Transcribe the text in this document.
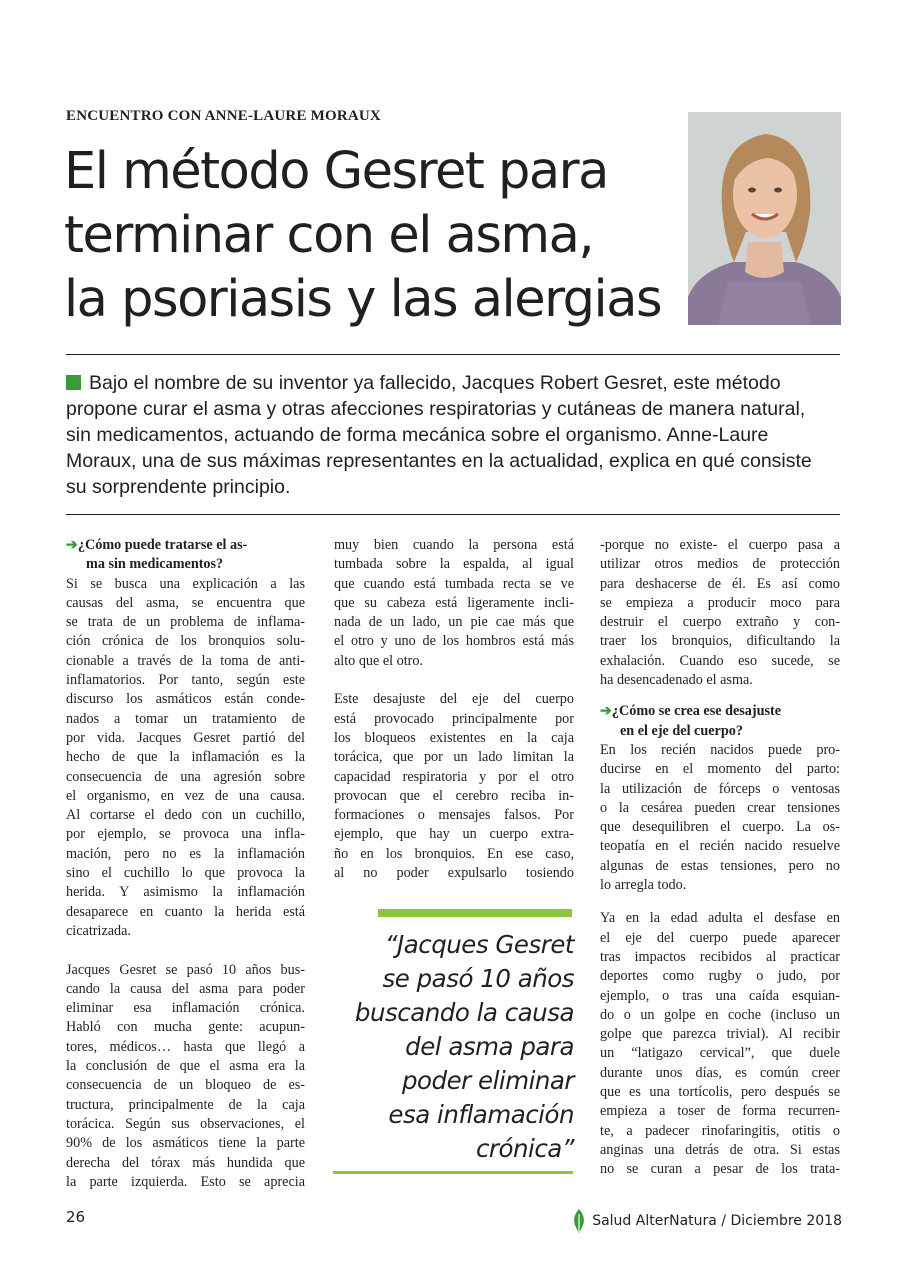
ENCUENTRO CON ANNE-LAURE MORAUX
El método Gesret para
terminar con el asma,
la psoriasis y las alergias
Bajo el nombre de su inventor ya fallecido, Jacques Robert Gesret, este método
propone curar el asma y otras afecciones respiratorias y cutáneas de manera natural,
sin medicamentos, actuando de forma mecánica sobre el organismo. Anne-Laure
Moraux, una de sus máximas representantes en la actualidad, explica en qué consiste
su sorprendente principio.
➔¿Cómo puede tratarse el as-
ma sin medicamentos?
Si se busca una explicación a las
causas del asma, se encuentra que
se trata de un problema de inflama-
ción crónica de los bronquios solu-
cionable a través de la toma de anti-
inflamatorios. Por tanto, según este
discurso los asmáticos están conde-
nados a tomar un tratamiento de
por vida. Jacques Gesret partió del
hecho de que la inflamación es la
consecuencia de una agresión sobre
el organismo, en vez de una causa.
Al cortarse el dedo con un cuchillo,
por ejemplo, se provoca una infla-
mación, pero no es la inflamación
sino el cuchillo lo que provoca la
herida. Y asimismo la inflamación
desaparece en cuanto la herida está
cicatrizada.
Jacques Gesret se pasó 10 años bus-
cando la causa del asma para poder
eliminar esa inflamación crónica.
Habló con mucha gente: acupun-
tores, médicos… hasta que llegó a
la conclusión de que el asma era la
consecuencia de un bloqueo de es-
tructura, principalmente de la caja
torácica. Según sus observaciones, el
90% de los asmáticos tiene la parte
derecha del tórax más hundida que
la parte izquierda. Esto se aprecia
muy bien cuando la persona está
tumbada sobre la espalda, al igual
que cuando está tumbada recta se ve
que su cabeza está ligeramente incli-
nada de un lado, un pie cae más que
el otro y uno de los hombros está más
alto que el otro.
Este desajuste del eje del cuerpo
está provocado principalmente por
los bloqueos existentes en la caja
torácica, que por un lado limitan la
capacidad respiratoria y por el otro
provocan que el cerebro reciba in-
formaciones o mensajes falsos. Por
ejemplo, que hay un cuerpo extra-
ño en los bronquios. En ese caso,
al no poder expulsarlo tosiendo
“Jacques Gesret
se pasó 10 años
buscando la causa
del asma para
poder eliminar
esa inflamación
crónica”
-porque no existe- el cuerpo pasa a
utilizar otros medios de protección
para deshacerse de él. Es así como
se empieza a producir moco para
destruir el cuerpo extraño y con-
traer los bronquios, dificultando la
exhalación. Cuando eso sucede, se
ha desencadenado el asma.
➔¿Cómo se crea ese desajuste
en el eje del cuerpo?
En los recién nacidos puede pro-
ducirse en el momento del parto:
la utilización de fórceps o ventosas
o la cesárea pueden crear tensiones
que desequilibren el cuerpo. La os-
teopatía en el recién nacido resuelve
algunas de estas tensiones, pero no
lo arregla todo.
Ya en la edad adulta el desfase en
el eje del cuerpo puede aparecer
tras impactos recibidos al practicar
deportes como rugby o judo, por
ejemplo, o tras una caída esquian-
do o un golpe en coche (incluso un
golpe que parezca trivial). Al recibir
un “latigazo cervical”, que duele
durante unos días, es común creer
que es una tortícolis, pero después se
empieza a toser de forma recurren-
te, a padecer rinofaringitis, otitis o
anginas una detrás de otra. Si estas
no se curan a pesar de los trata-
26	Salud AlterNatura / Diciembre 2018
